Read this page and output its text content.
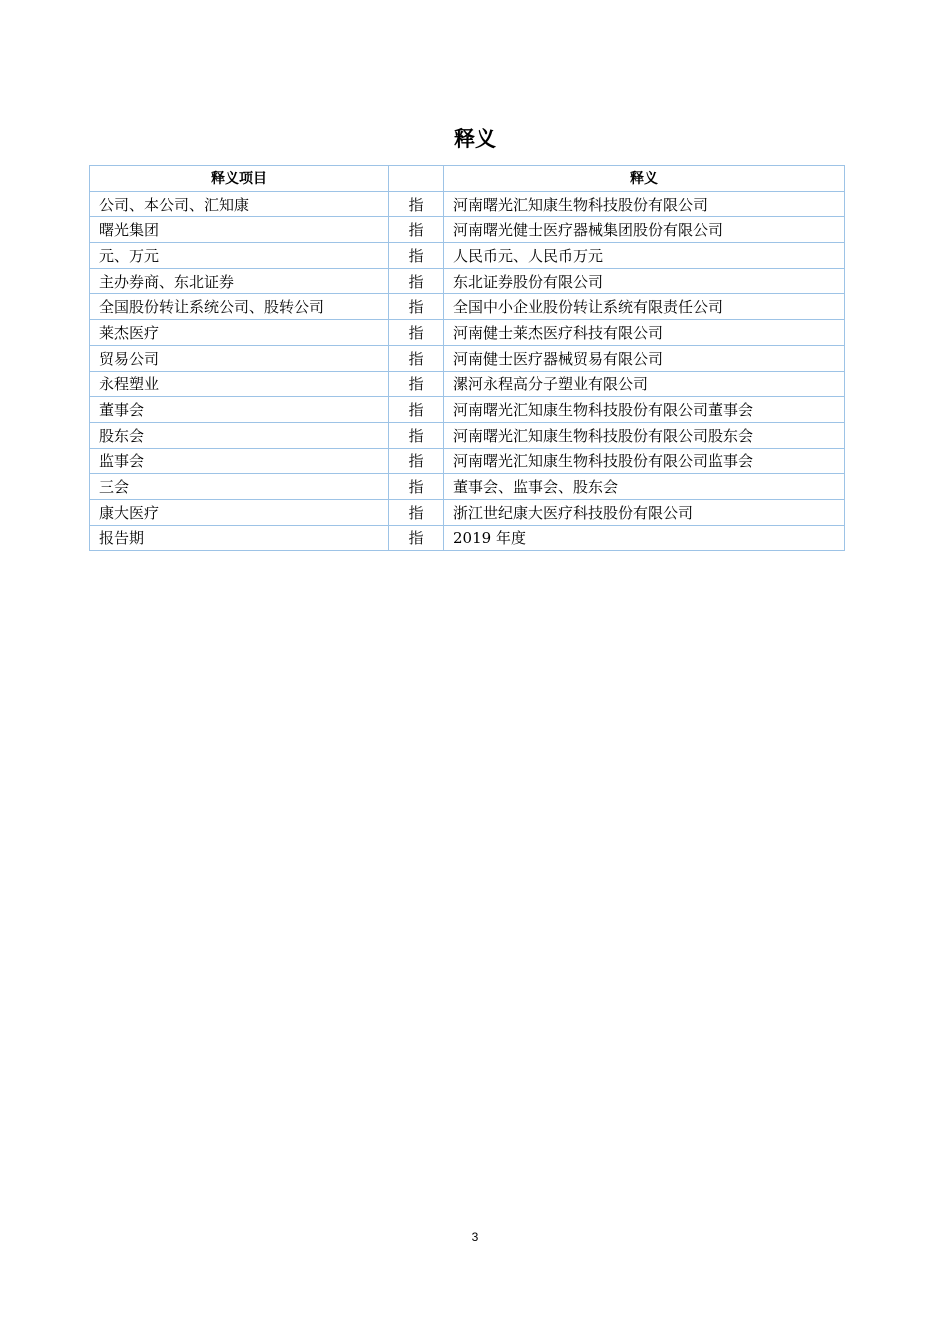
释义
释义项目		释义
公司、本公司、汇知康	指	河南曙光汇知康生物科技股份有限公司
曙光集团	指	河南曙光健士医疗器械集团股份有限公司
元、万元	指	人民币元、人民币万元
主办券商、东北证券	指	东北证券股份有限公司
全国股份转让系统公司、股转公司	指	全国中小企业股份转让系统有限责任公司
莱杰医疗	指	河南健士莱杰医疗科技有限公司
贸易公司	指	河南健士医疗器械贸易有限公司
永程塑业	指	漯河永程高分子塑业有限公司
董事会	指	河南曙光汇知康生物科技股份有限公司董事会
股东会	指	河南曙光汇知康生物科技股份有限公司股东会
监事会	指	河南曙光汇知康生物科技股份有限公司监事会
三会	指	董事会、监事会、股东会
康大医疗	指	浙江世纪康大医疗科技股份有限公司
报告期	指	2019 年度
3
